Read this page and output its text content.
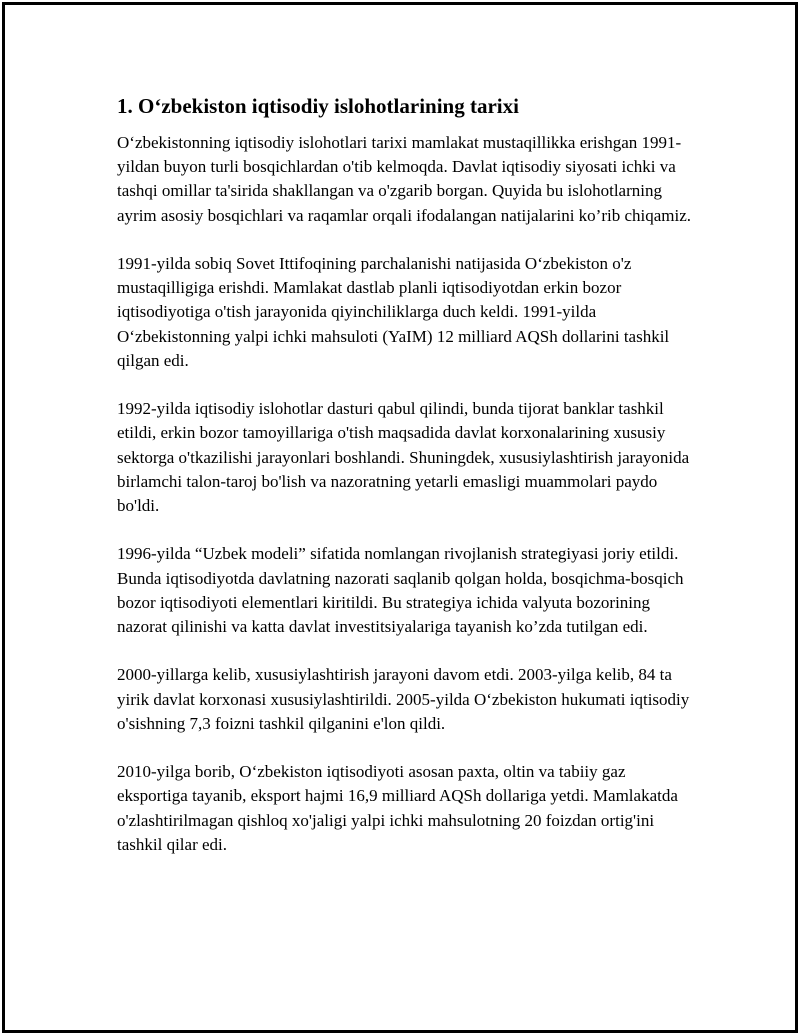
1. O‘zbekiston iqtisodiy islohotlarining tarixi

O‘zbekistonning iqtisodiy islohotlari tarixi mamlakat mustaqillikka erishgan 1991-yildan buyon turli bosqichlardan o'tib kelmoqda. Davlat iqtisodiy siyosati ichki va tashqi omillar ta'sirida shakllangan va o'zgarib borgan. Quyida bu islohotlarning ayrim asosiy bosqichlari va raqamlar orqali ifodalangan natijalarini ko’rib chiqamiz.

1991-yilda sobiq Sovet Ittifoqining parchalanishi natijasida O‘zbekiston o'z mustaqilligiga erishdi. Mamlakat dastlab planli iqtisodiyotdan erkin bozor iqtisodiyotiga o'tish jarayonida qiyinchiliklarga duch keldi. 1991-yilda O‘zbekistonning yalpi ichki mahsuloti (YaIM) 12 milliard AQSh dollarini tashkil qilgan edi.

1992-yilda iqtisodiy islohotlar dasturi qabul qilindi, bunda tijorat banklar tashkil etildi, erkin bozor tamoyillariga o'tish maqsadida davlat korxonalarining xususiy sektorga o'tkazilishi jarayonlari boshlandi. Shuningdek, xususiylashtirish jarayonida birlamchi talon-taroj bo'lish va nazoratning yetarli emasligi muammolari paydo bo'ldi.

1996-yilda “Uzbek modeli” sifatida nomlangan rivojlanish strategiyasi joriy etildi. Bunda iqtisodiyotda davlatning nazorati saqlanib qolgan holda, bosqichma-bosqich bozor iqtisodiyoti elementlari kiritildi. Bu strategiya ichida valyuta bozorining nazorat qilinishi va katta davlat investitsiyalariga tayanish ko’zda tutilgan edi.

2000-yillarga kelib, xususiylashtirish jarayoni davom etdi. 2003-yilga kelib, 84 ta yirik davlat korxonasi xususiylashtirildi. 2005-yilda O‘zbekiston hukumati iqtisodiy o'sishning 7,3 foizni tashkil qilganini e'lon qildi.

2010-yilga borib, O‘zbekiston iqtisodiyoti asosan paxta, oltin va tabiiy gaz eksportiga tayanib, eksport hajmi 16,9 milliard AQSh dollariga yetdi. Mamlakatda o'zlashtirilmagan qishloq xo'jaligi yalpi ichki mahsulotning 20 foizdan ortig'ini tashkil qilar edi.
